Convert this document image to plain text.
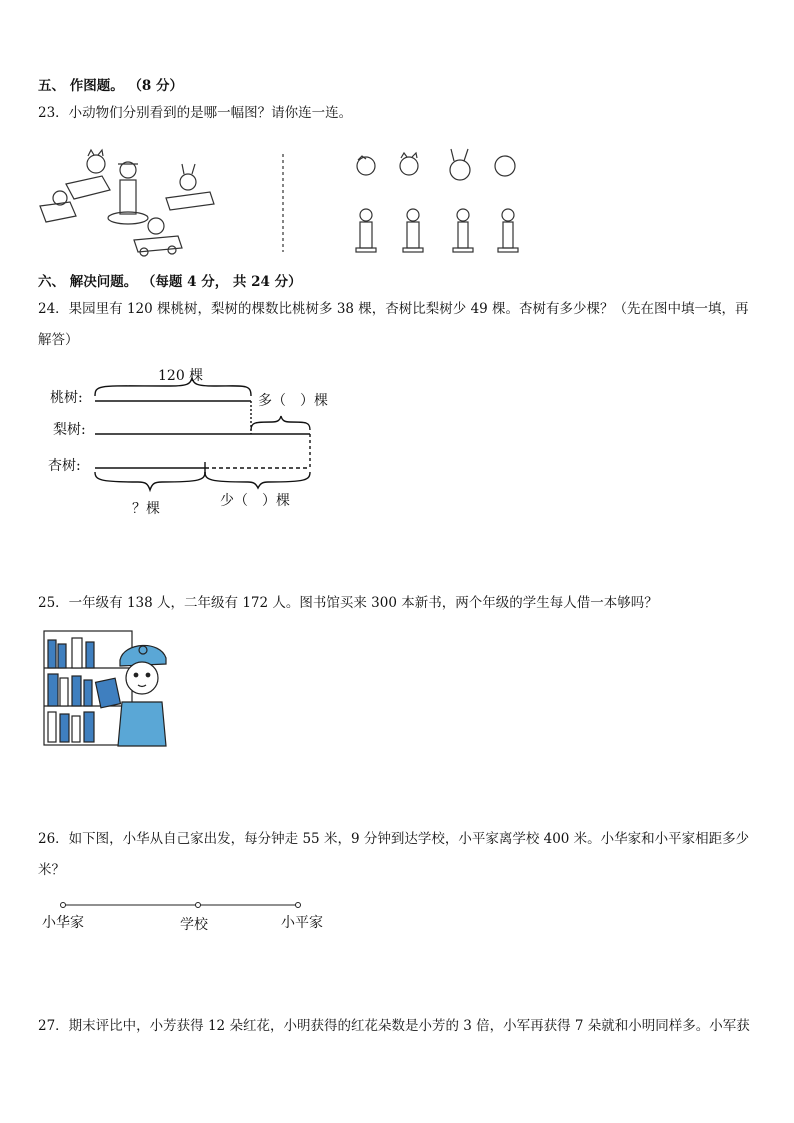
五、 作图题。 （8 分）
23．小动物们分别看到的是哪一幅图？请你连一连。
六、 解决问题。 （每题 4 分， 共 24 分）
24．果园里有 120 棵桃树，梨树的棵数比桃树多 38 棵，杏树比梨树少 49 棵。杏树有多少棵？（先在图中填一填，再
解答）
桃树:
梨树:
杏树:
120 棵
多（　）棵
？棵	少（　）棵
25．一年级有 138 人，二年级有 172 人。图书馆买来 300 本新书，两个年级的学生每人借一本够吗？
26．如下图，小华从自己家出发，每分钟走 55 米，9 分钟到达学校，小平家离学校 400 米。小华家和小平家相距多少
米？
小华家	学校	小平家
27．期末评比中，小芳获得 12 朵红花，小明获得的红花朵数是小芳的 3 倍，小军再获得 7 朵就和小明同样多。小军获
